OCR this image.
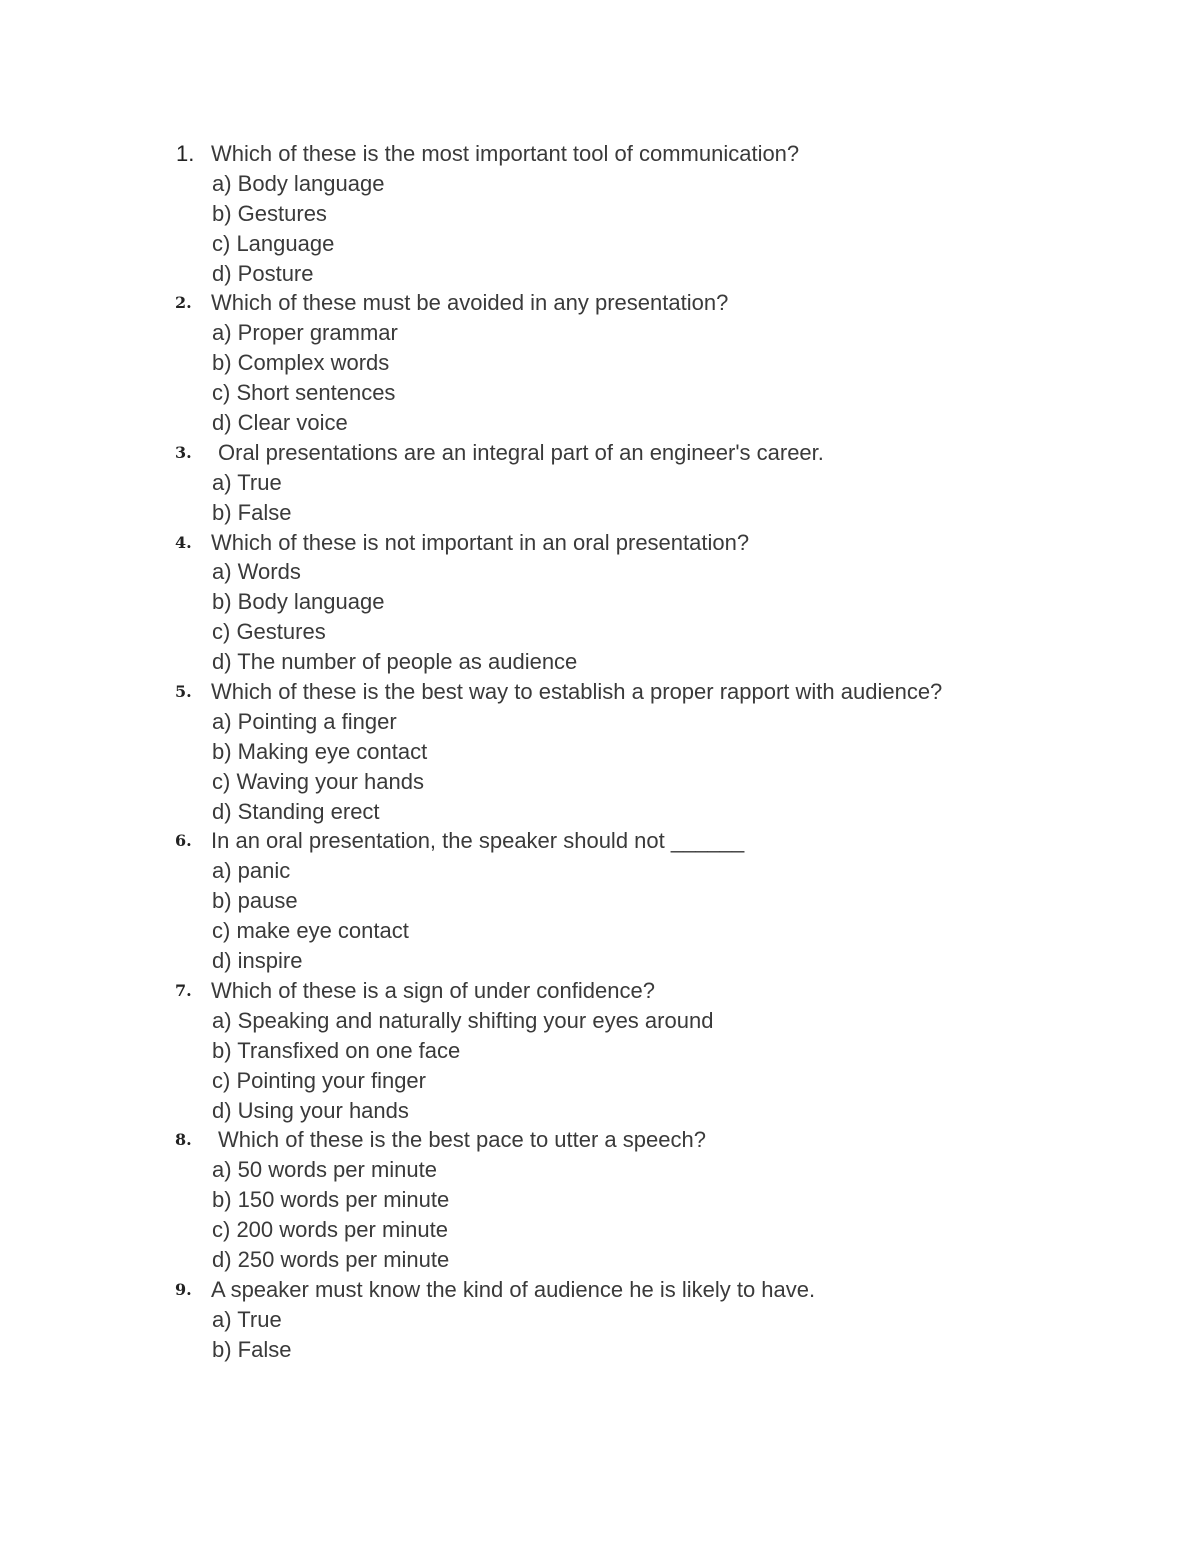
1. Which of these is the most important tool of communication?
a) Body language
b) Gestures
c) Language
d) Posture
2. Which of these must be avoided in any presentation?
a) Proper grammar
b) Complex words
c) Short sentences
d) Clear voice
3. Oral presentations are an integral part of an engineer's career.
a) True
b) False
4. Which of these is not important in an oral presentation?
a) Words
b) Body language
c) Gestures
d) The number of people as audience
5. Which of these is the best way to establish a proper rapport with audience?
a) Pointing a finger
b) Making eye contact
c) Waving your hands
d) Standing erect
6. In an oral presentation, the speaker should not ______
a) panic
b) pause
c) make eye contact
d) inspire
7. Which of these is a sign of under confidence?
a) Speaking and naturally shifting your eyes around
b) Transfixed on one face
c) Pointing your finger
d) Using your hands
8. Which of these is the best pace to utter a speech?
a) 50 words per minute
b) 150 words per minute
c) 200 words per minute
d) 250 words per minute
9. A speaker must know the kind of audience he is likely to have.
a) True
b) False
